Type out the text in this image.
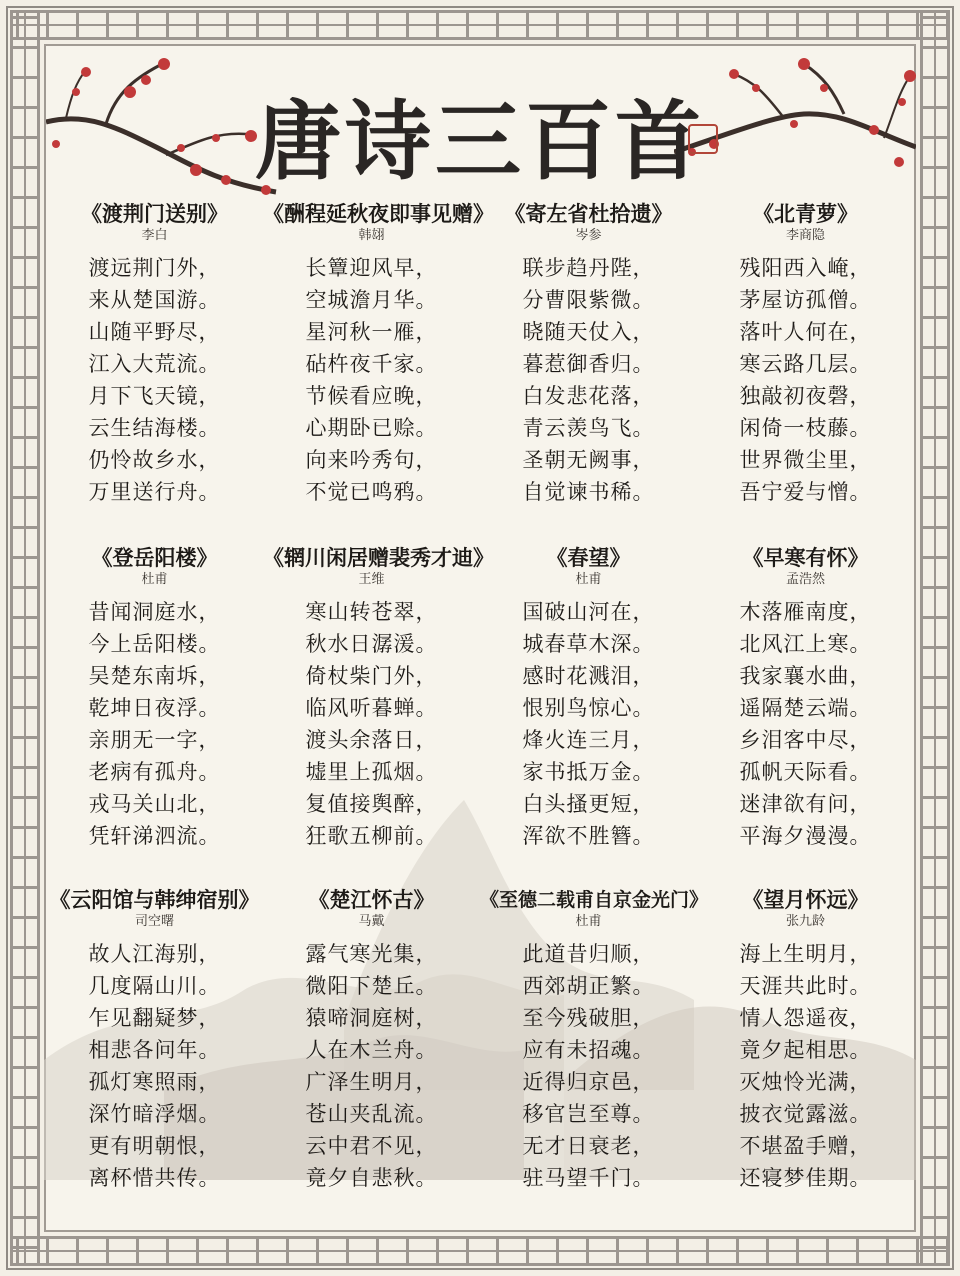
唐诗三百首
《渡荆门送别》
李白
渡远荆门外，
来从楚国游。
山随平野尽，
江入大荒流。
月下飞天镜，
云生结海楼。
仍怜故乡水，
万里送行舟。
《酬程延秋夜即事见赠》
韩翃
长簟迎风早，
空城澹月华。
星河秋一雁，
砧杵夜千家。
节候看应晚，
心期卧已赊。
向来吟秀句，
不觉已鸣鸦。
《寄左省杜拾遗》
岑参
联步趋丹陛，
分曹限紫微。
晓随天仗入，
暮惹御香归。
白发悲花落，
青云羡鸟飞。
圣朝无阙事，
自觉谏书稀。
《北青萝》
李商隐
残阳西入崦，
茅屋访孤僧。
落叶人何在，
寒云路几层。
独敲初夜磬，
闲倚一枝藤。
世界微尘里，
吾宁爱与憎。
《登岳阳楼》
杜甫
昔闻洞庭水，
今上岳阳楼。
吴楚东南坼，
乾坤日夜浮。
亲朋无一字，
老病有孤舟。
戎马关山北，
凭轩涕泗流。
《辋川闲居赠裴秀才迪》
王维
寒山转苍翠，
秋水日潺湲。
倚杖柴门外，
临风听暮蝉。
渡头余落日，
墟里上孤烟。
复值接舆醉，
狂歌五柳前。
《春望》
杜甫
国破山河在，
城春草木深。
感时花溅泪，
恨别鸟惊心。
烽火连三月，
家书抵万金。
白头搔更短，
浑欲不胜簪。
《早寒有怀》
孟浩然
木落雁南度，
北风江上寒。
我家襄水曲，
遥隔楚云端。
乡泪客中尽，
孤帆天际看。
迷津欲有问，
平海夕漫漫。
《云阳馆与韩绅宿别》
司空曙
故人江海别，
几度隔山川。
乍见翻疑梦，
相悲各问年。
孤灯寒照雨，
深竹暗浮烟。
更有明朝恨，
离杯惜共传。
《楚江怀古》
马戴
露气寒光集，
微阳下楚丘。
猿啼洞庭树，
人在木兰舟。
广泽生明月，
苍山夹乱流。
云中君不见，
竟夕自悲秋。
《至德二载甫自京金光门》
杜甫
此道昔归顺，
西郊胡正繁。
至今残破胆，
应有未招魂。
近得归京邑，
移官岂至尊。
无才日衰老，
驻马望千门。
《望月怀远》
张九龄
海上生明月，
天涯共此时。
情人怨遥夜，
竟夕起相思。
灭烛怜光满，
披衣觉露滋。
不堪盈手赠，
还寝梦佳期。
